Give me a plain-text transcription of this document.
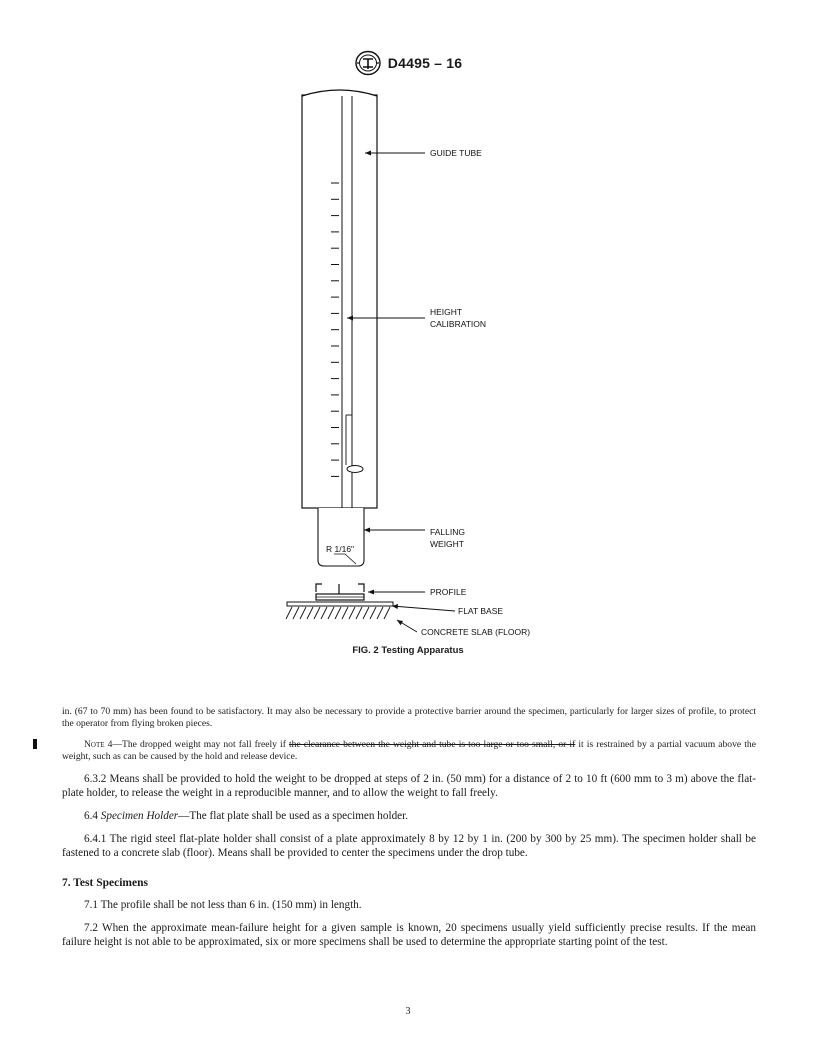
D4495 – 16
R 1/16"
GUIDE TUBE
HEIGHT
CALIBRATION
FALLING
WEIGHT
PROFILE
FLAT BASE
CONCRETE SLAB (FLOOR)
FIG. 2 Testing Apparatus

in. (67 to 70 mm) has been found to be satisfactory. It may also be necessary to provide a protective barrier around the specimen, particularly for larger sizes of profile, to protect the operator from flying broken pieces.

Note 4—The dropped weight may not fall freely if the clearance between the weight and tube is too large or too small, or if it is restrained by a partial vacuum above the weight, such as can be caused by the hold and release device.

6.3.2 Means shall be provided to hold the weight to be dropped at steps of 2 in. (50 mm) for a distance of 2 to 10 ft (600 mm to 3 m) above the flat-plate holder, to release the weight in a reproducible manner, and to allow the weight to fall freely.

6.4 Specimen Holder—The flat plate shall be used as a specimen holder.

6.4.1 The rigid steel flat-plate holder shall consist of a plate approximately 8 by 12 by 1 in. (200 by 300 by 25 mm). The specimen holder shall be fastened to a concrete slab (floor). Means shall be provided to center the specimens under the drop tube.

7. Test Specimens

7.1 The profile shall be not less than 6 in. (150 mm) in length.

7.2 When the approximate mean-failure height for a given sample is known, 20 specimens usually yield sufficiently precise results. If the mean failure height is not able to be approximated, six or more specimens shall be used to determine the appropriate starting point of the test.

3
